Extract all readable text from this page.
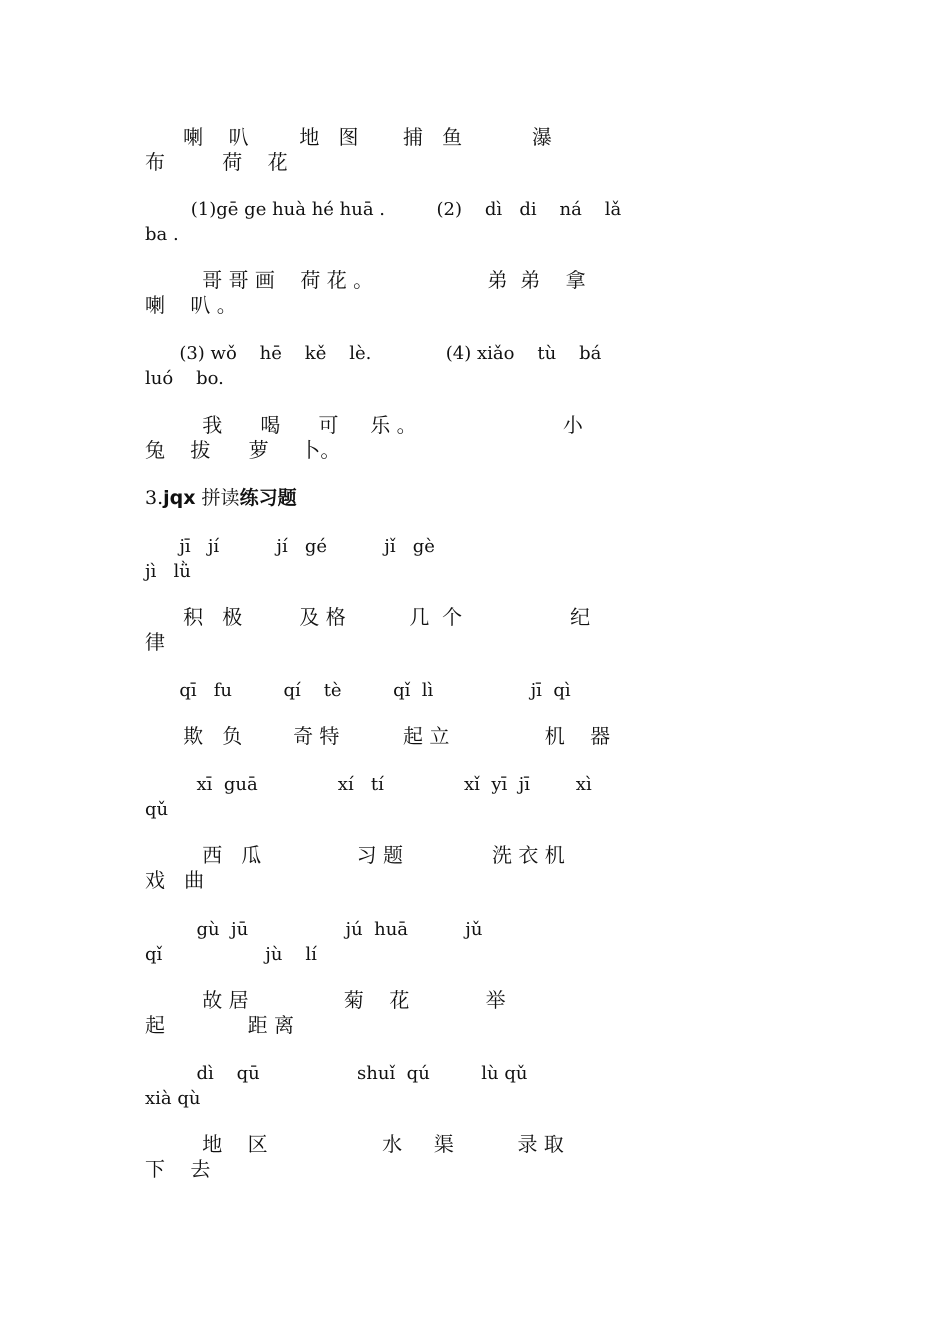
喇    叭        地   图       捕   鱼           瀑
布         荷    花
(1)gē ge huà hé huā .         (2)    dì   di    ná    lǎ
ba .
哥 哥 画    荷 花 。                  弟  弟    拿
喇    叭 。
(3) wǒ    hē    kě    lè.             (4) xiǎo    tù    bá
luó    bo.
我      喝      可     乐 。                       小
兔    拔      萝     卜。
3.jqx 拼读练习题
jī   jí          jí   gé          jǐ   gè
jì   lǜ
积   极         及 格          几  个                 纪
律
qī   fu         qí    tè         qǐ  lì                 jī  qì
欺   负        奇 特          起 立               机    器
xī  guā              xí   tí              xǐ  yī  jī        xì
qǔ
西   瓜               习 题              洗 衣 机
戏   曲
gù  jū                 jú  huā          jǔ
qǐ                  jù    lí
故 居               菊    花            举
起             距 离
dì    qū                 shuǐ  qú         lù qǔ
xià qù
地    区                  水     渠          录 取
下    去
